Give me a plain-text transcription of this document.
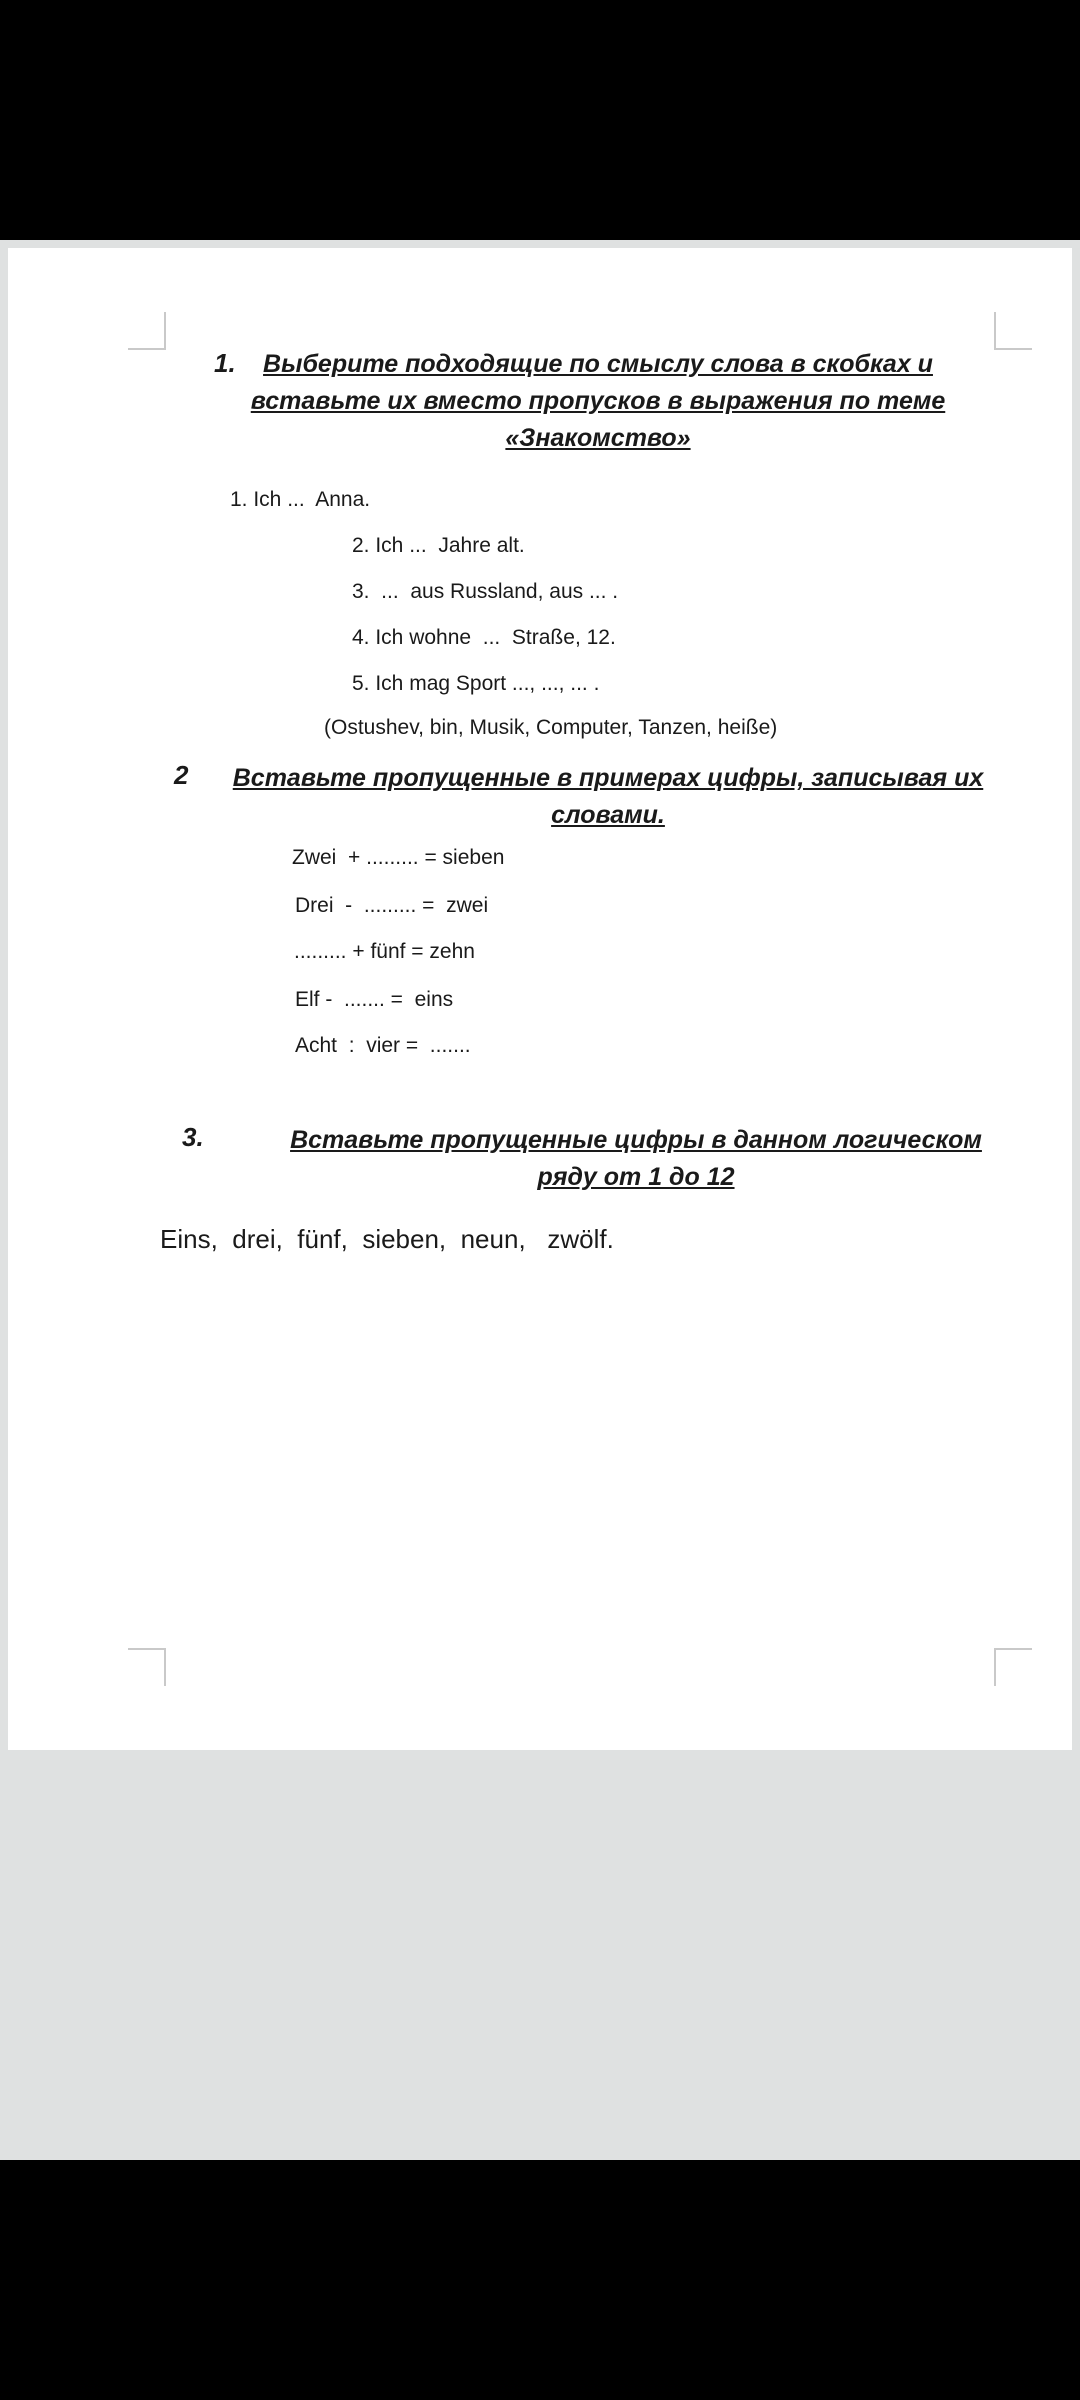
1.	Выберите подходящие по смыслу слова в скобках и вставьте их вместо пропусков в выражения по теме «Знакомство»
1. Ich ...  Anna.
2. Ich ...  Jahre alt.
3.  ...  aus Russland, aus ... .
4. Ich wohne  ...  Straße, 12.
5. Ich mag Sport ..., ..., ... .
(Ostushev, bin, Musik, Computer, Tanzen, heiße)
2 Вставьте пропущенные в примерах цифры, записывая их словами.
Zwei  + ......... = sieben
Drei  -  ......... =  zwei
......... + fünf = zehn
Elf -  ....... =  eins
Acht  :  vier =  .......
3.	Вставьте пропущенные цифры в данном логическом ряду от 1 до 12
Eins,  drei,  fünf,  sieben,  neun,   zwölf.
